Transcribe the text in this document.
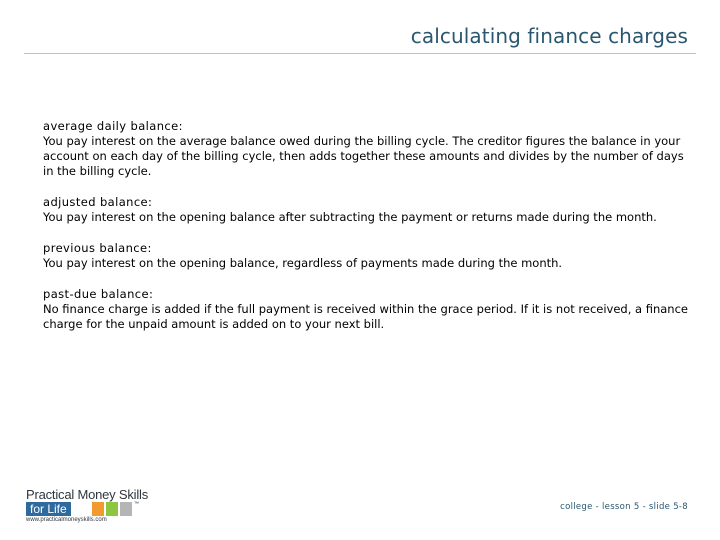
calculating finance charges
average daily balance:
You pay interest on the average balance owed during the billing cycle. The creditor figures the balance in your account on each day of the billing cycle, then adds together these amounts and divides by the number of days in the billing cycle.
adjusted balance:
You pay interest on the opening balance after subtracting the payment or returns made during the month.
previous balance:
You pay interest on the opening balance, regardless of payments made during the month.
past-due balance:
No finance charge is added if the full payment is received within the grace period. If it is not received, a finance charge for the unpaid amount is added on to your next bill.
Practical Money Skills
for Life	™
www.practicalmoneyskills.com
college - lesson 5 - slide 5-8
